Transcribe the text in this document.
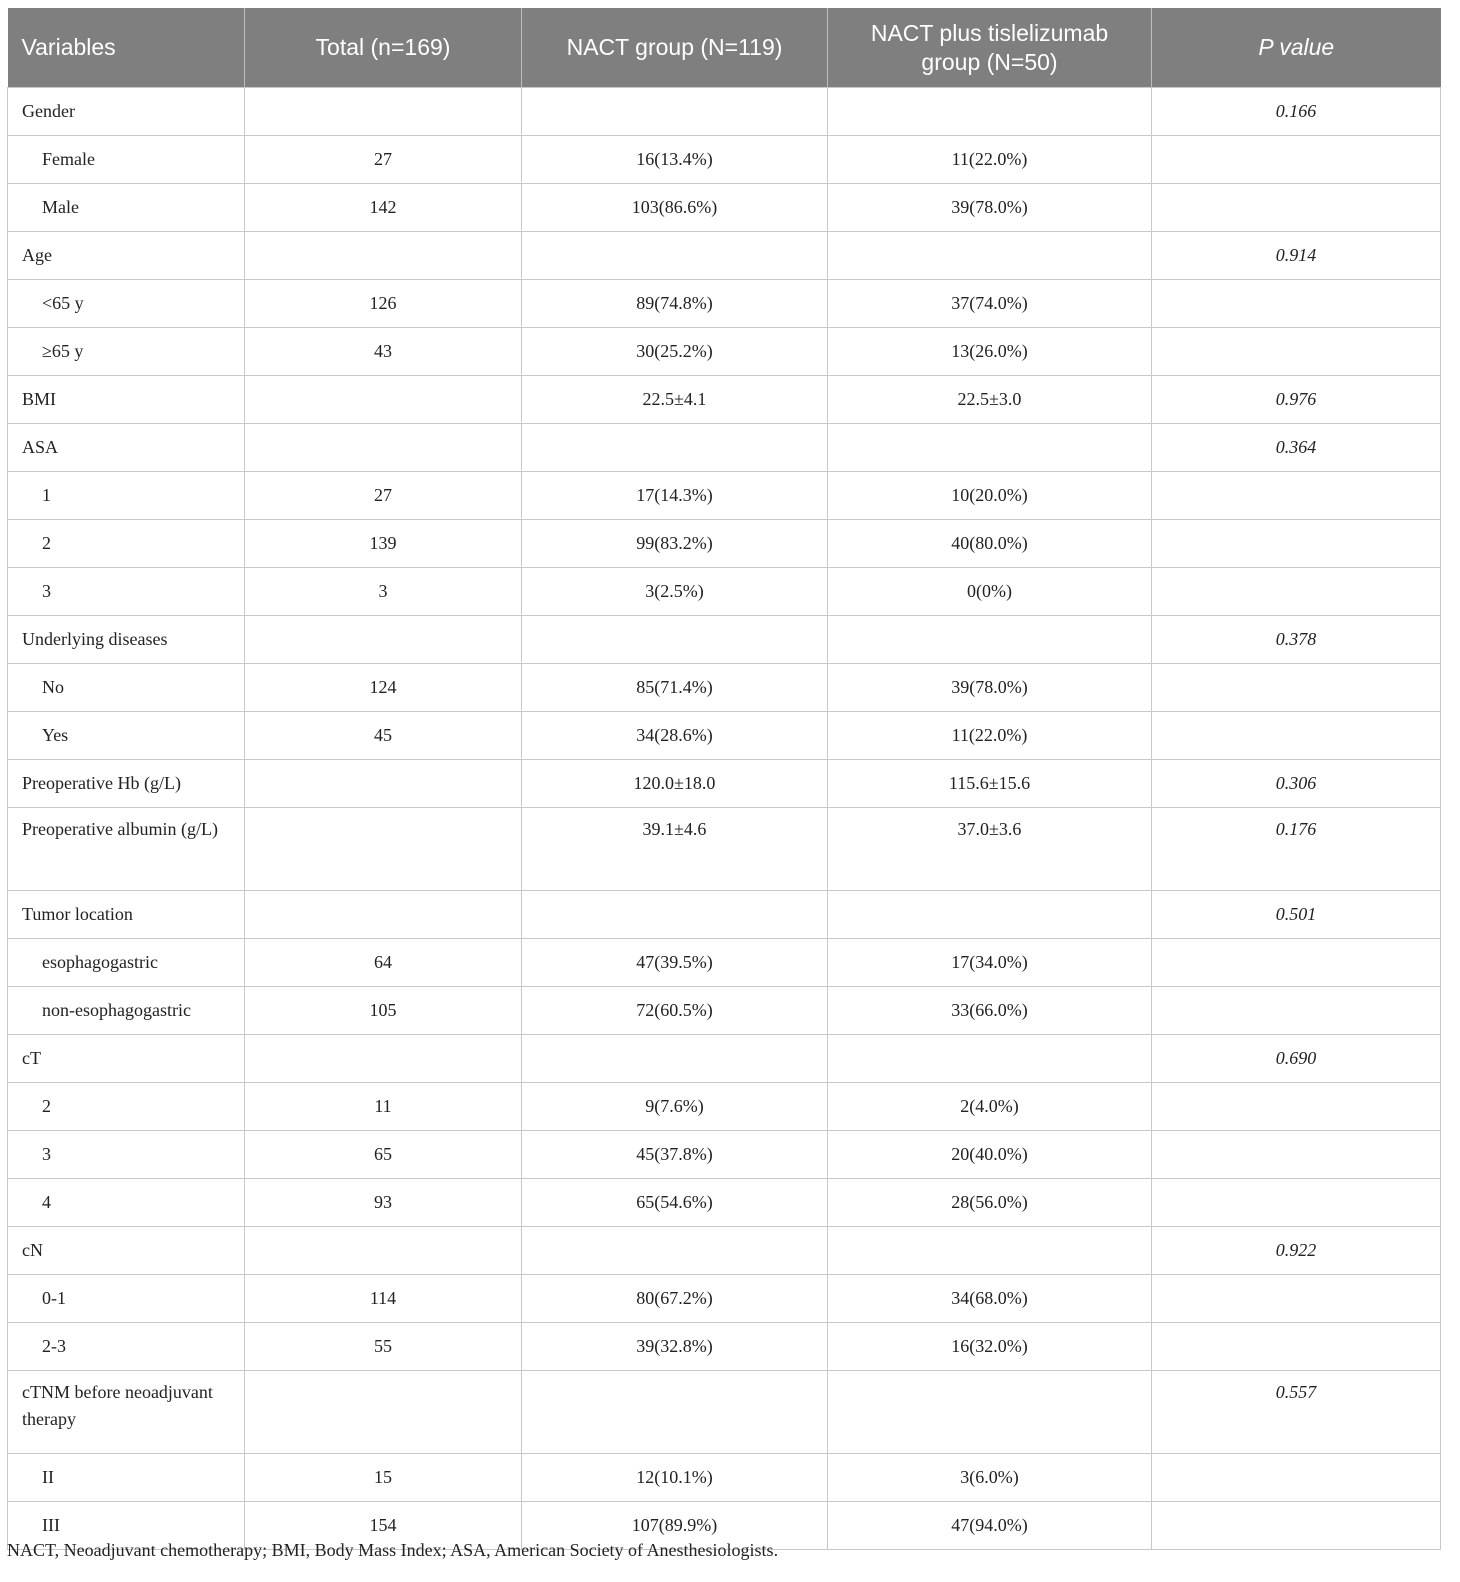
Variables	Total (n=169)	NACT group (N=119)	NACT plus tislelizumab group (N=50)	P value
Gender				0.166
Female	27	16(13.4%)	11(22.0%)	
Male	142	103(86.6%)	39(78.0%)	
Age				0.914
<65 y	126	89(74.8%)	37(74.0%)	
≥65 y	43	30(25.2%)	13(26.0%)	
BMI		22.5±4.1	22.5±3.0	0.976
ASA				0.364
1	27	17(14.3%)	10(20.0%)	
2	139	99(83.2%)	40(80.0%)	
3	3	3(2.5%)	0(0%)	
Underlying diseases				0.378
No	124	85(71.4%)	39(78.0%)	
Yes	45	34(28.6%)	11(22.0%)	
Preoperative Hb (g/L)		120.0±18.0	115.6±15.6	0.306
Preoperative albumin (g/L)		39.1±4.6	37.0±3.6	0.176
Tumor location				0.501
esophagogastric	64	47(39.5%)	17(34.0%)	
non-esophagogastric	105	72(60.5%)	33(66.0%)	
cT				0.690
2	11	9(7.6%)	2(4.0%)	
3	65	45(37.8%)	20(40.0%)	
4	93	65(54.6%)	28(56.0%)	
cN				0.922
0-1	114	80(67.2%)	34(68.0%)	
2-3	55	39(32.8%)	16(32.0%)	
cTNM before neoadjuvant therapy				0.557
II	15	12(10.1%)	3(6.0%)	
III	154	107(89.9%)	47(94.0%)	
NACT, Neoadjuvant chemotherapy; BMI, Body Mass Index; ASA, American Society of Anesthesiologists.
